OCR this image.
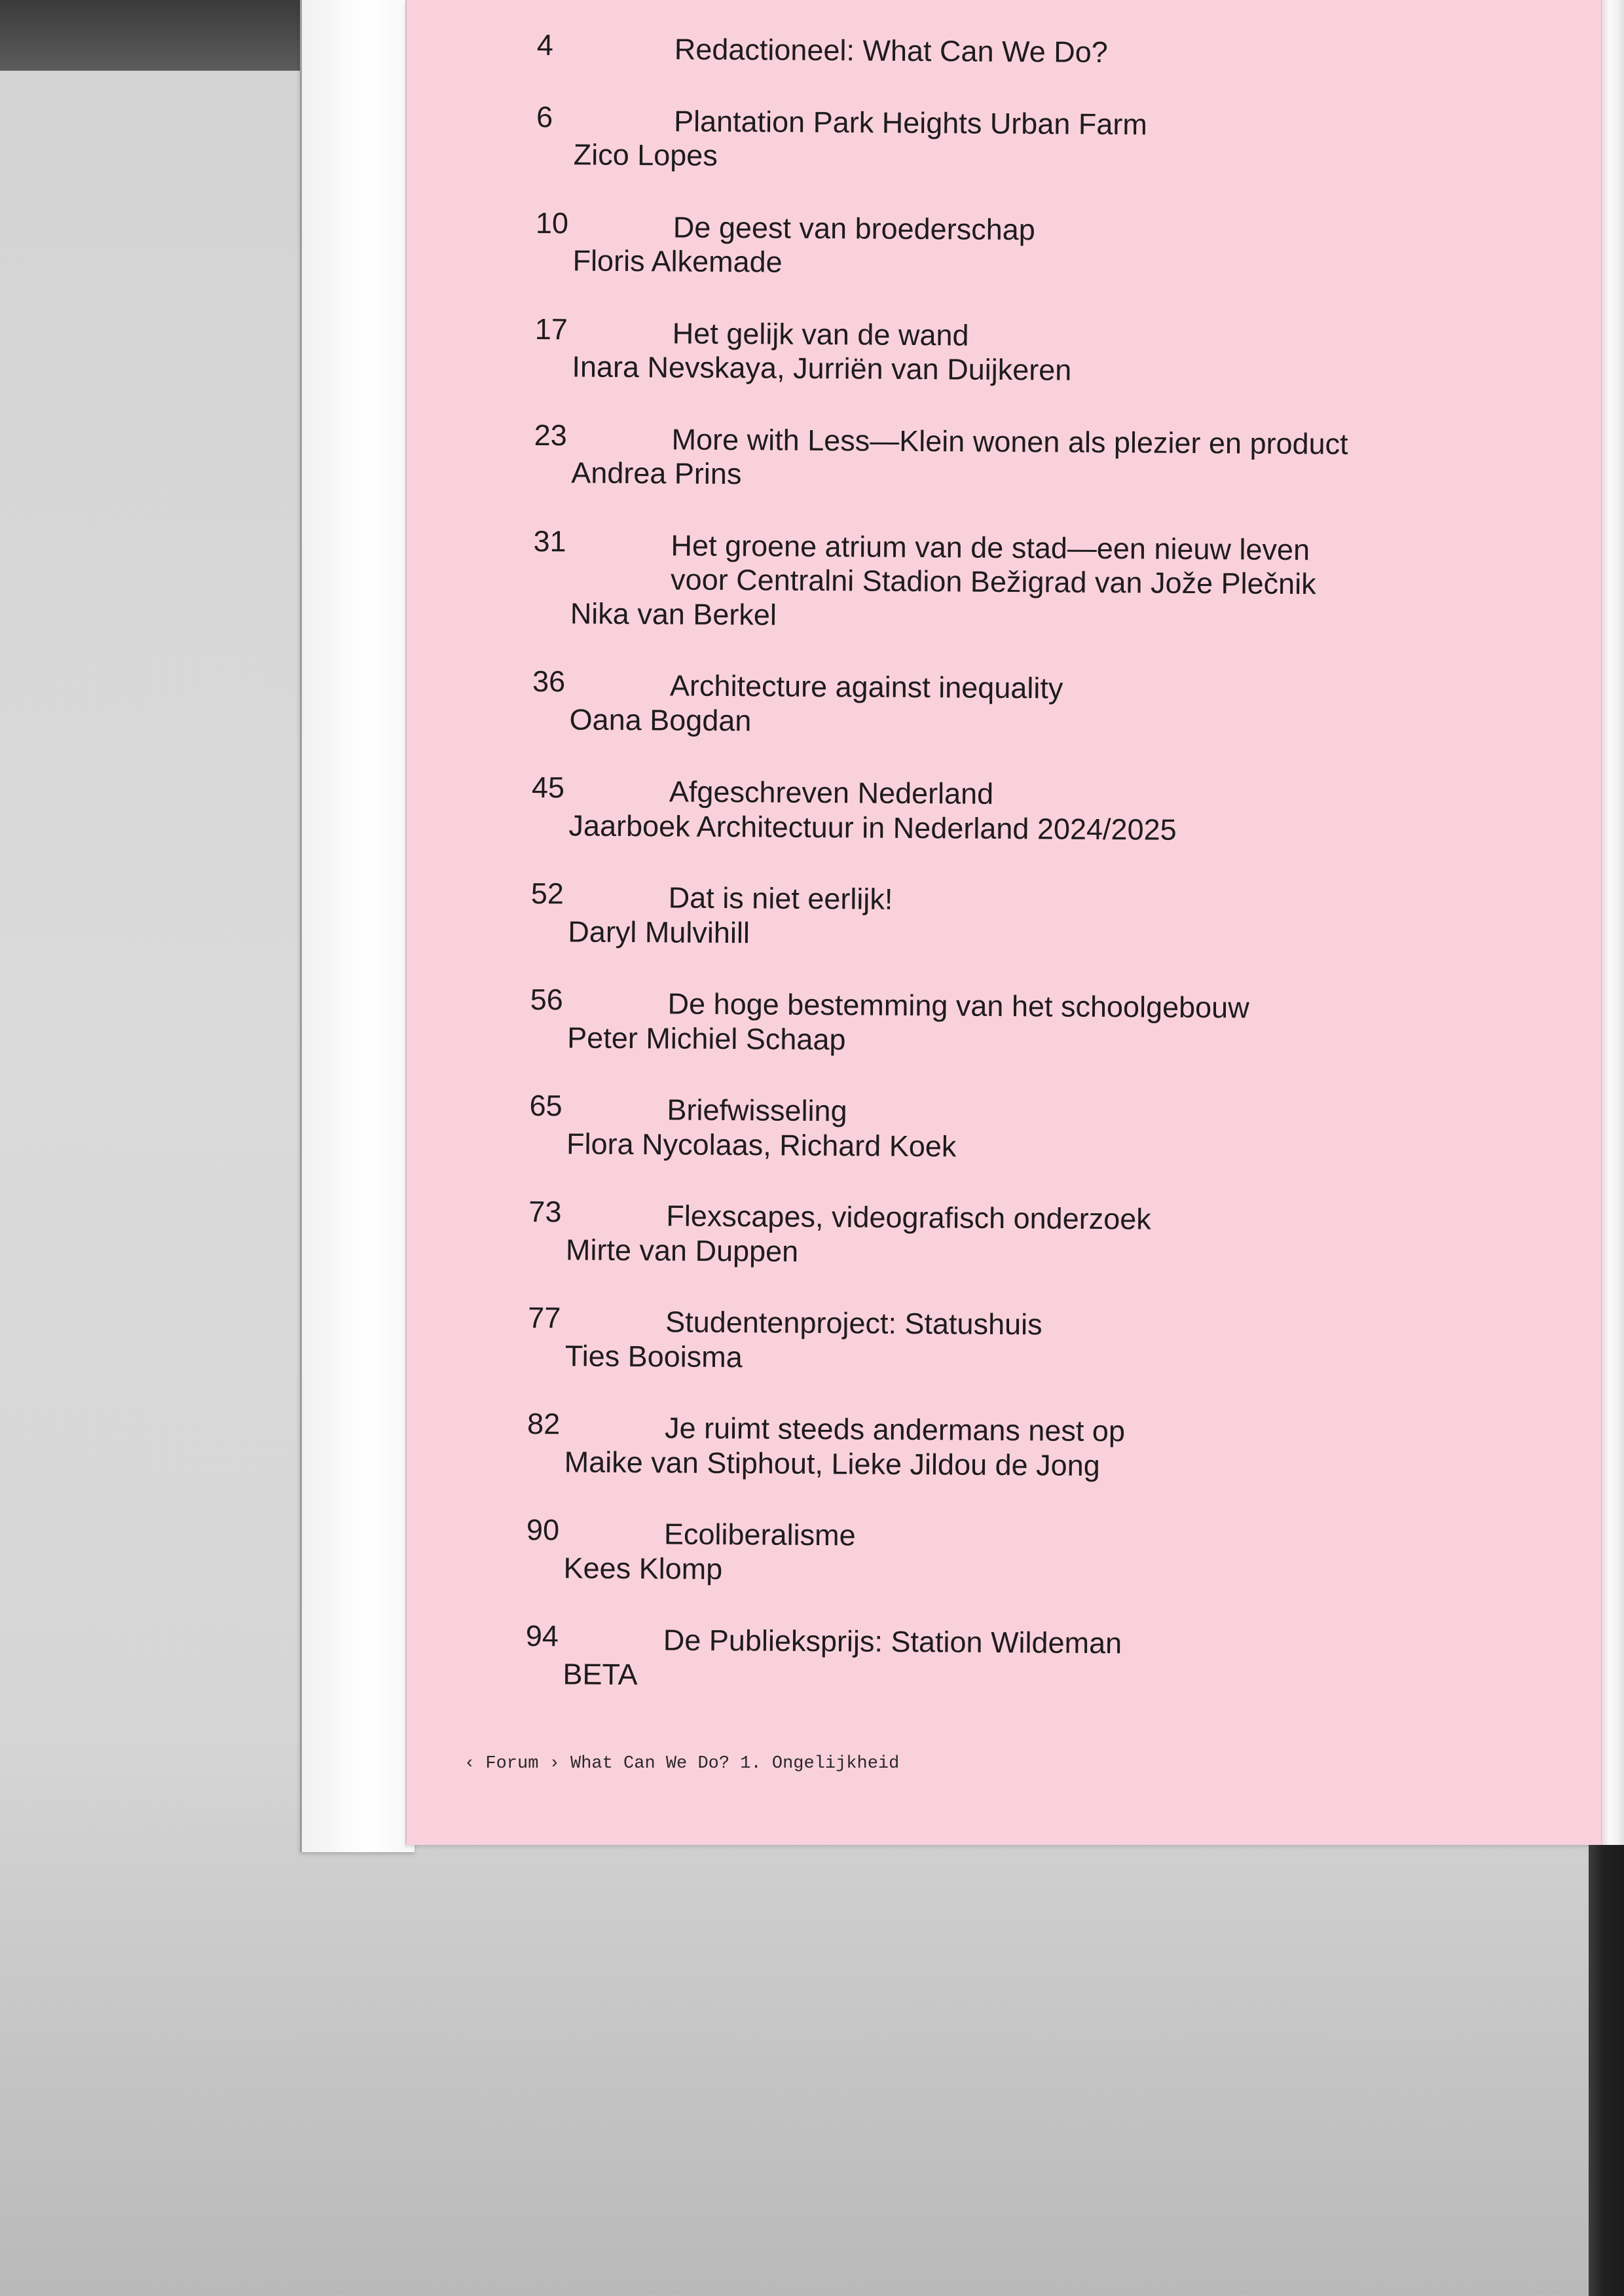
4	Redactioneel: What Can We Do?
6	Plantation Park Heights Urban Farm
Zico Lopes
10	De geest van broederschap
Floris Alkemade
17	Het gelijk van de wand
Inara Nevskaya, Jurriën van Duijkeren
23	More with Less—Klein wonen als plezier en product
Andrea Prins
31	Het groene atrium van de stad—een nieuw leven
voor Centralni Stadion Bežigrad van Jože Plečnik
Nika van Berkel
36	Architecture against inequality
Oana Bogdan
45	Afgeschreven Nederland
Jaarboek Architectuur in Nederland 2024/2025
52	Dat is niet eerlijk!
Daryl Mulvihill
56	De hoge bestemming van het schoolgebouw
Peter Michiel Schaap
65	Briefwisseling
Flora Nycolaas, Richard Koek
73	Flexscapes, videografisch onderzoek
Mirte van Duppen
77	Studentenproject: Statushuis
Ties Booisma
82	Je ruimt steeds andermans nest op
Maike van Stiphout, Lieke Jildou de Jong
90	Ecoliberalisme
Kees Klomp
94	De Publieksprijs: Station Wildeman
BETA
‹ Forum › What Can We Do? 1. Ongelijkheid
